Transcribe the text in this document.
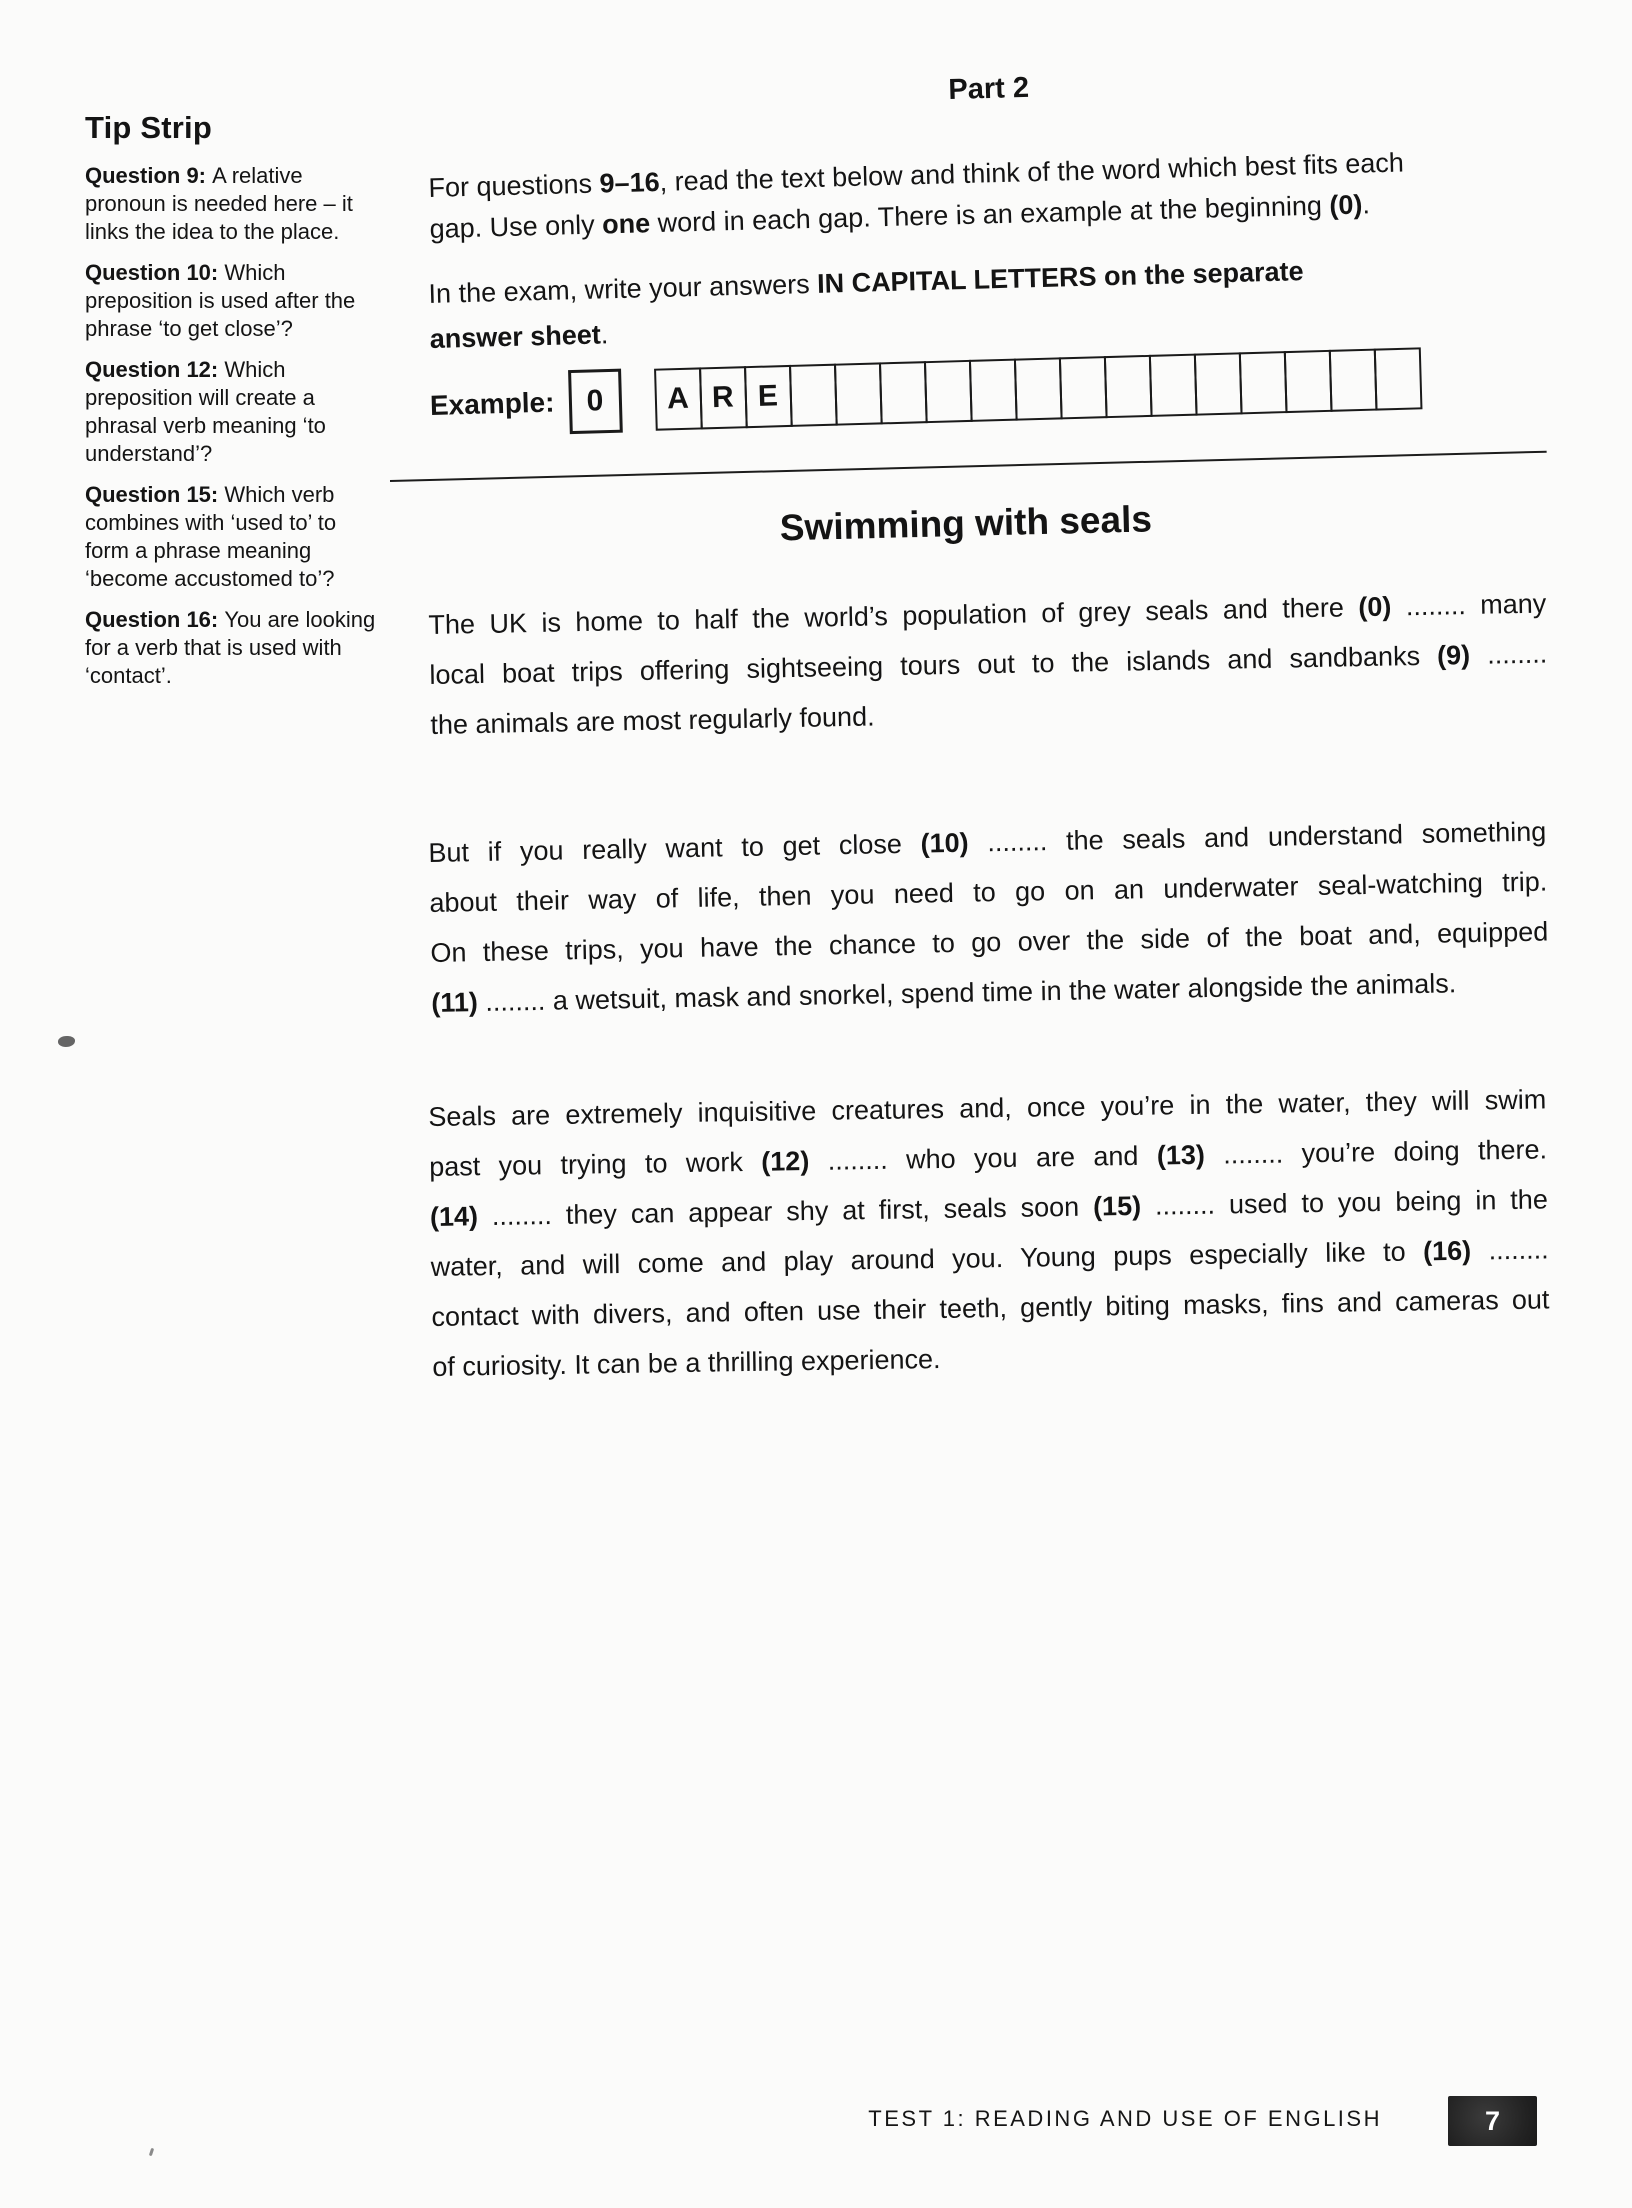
Tip Strip
Question 9: A relative pronoun is needed here – it links the idea to the place.
Question 10: Which preposition is used after the phrase ‘to get close’?
Question 12: Which preposition will create a phrasal verb meaning ‘to understand’?
Question 15: Which verb combines with ‘used to’ to form a phrase meaning ‘become accustomed to’?
Question 16: You are looking for a verb that is used with ‘contact’.
Part 2
For questions 9–16, read the text below and think of the word which best fits each
gap. Use only one word in each gap. There is an example at the beginning (0).
In the exam, write your answers IN CAPITAL LETTERS on the separate
answer sheet.
Example: 0	A R E
Swimming with seals
The UK is home to half the world’s population of grey seals and there (0) ........ many
local boat trips offering sightseeing tours out to the islands and sandbanks (9) ........
the animals are most regularly found.
But if you really want to get close (10) ........ the seals and understand something
about their way of life, then you need to go on an underwater seal-watching trip.
On these trips, you have the chance to go over the side of the boat and, equipped
(11) ........ a wetsuit, mask and snorkel, spend time in the water alongside the animals.
Seals are extremely inquisitive creatures and, once you’re in the water, they will swim
past you trying to work (12) ........ who you are and (13) ........ you’re doing there.
(14) ........ they can appear shy at first, seals soon (15) ........ used to you being in the
water, and will come and play around you. Young pups especially like to (16) ........
contact with divers, and often use their teeth, gently biting masks, fins and cameras out
of curiosity. It can be a thrilling experience.
TEST 1: READING AND USE OF ENGLISH	7
